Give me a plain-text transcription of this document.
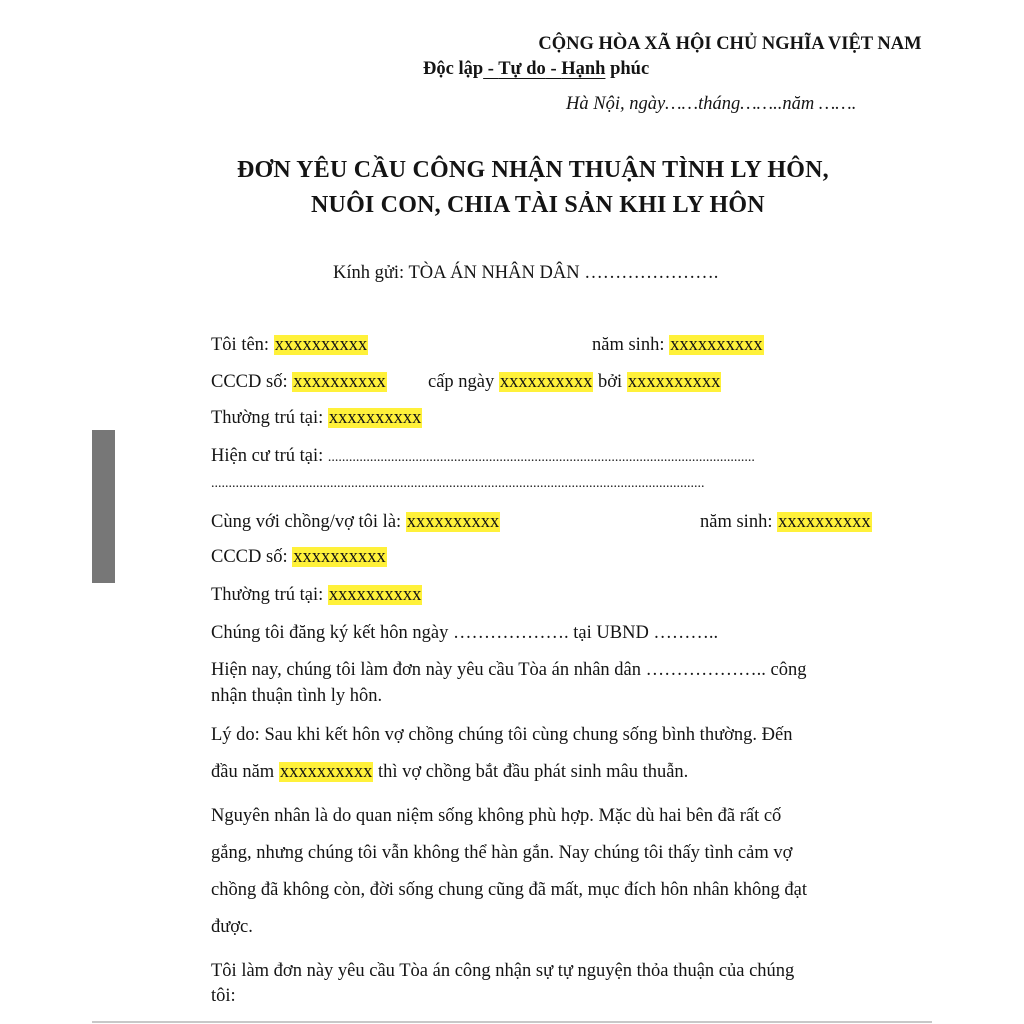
CỘNG HÒA XÃ HỘI CHỦ NGHĨA VIỆT NAM
Độc lập - Tự do - Hạnh phúc
Hà Nội, ngày……tháng……..năm …….
ĐƠN YÊU CẦU CÔNG NHẬN THUẬN TÌNH LY HÔN,
NUÔI CON, CHIA TÀI SẢN KHI LY HÔN
Kính gửi: TÒA ÁN NHÂN DÂN ………………….
Tôi tên: xxxxxxxxxx	năm sinh: xxxxxxxxxx
CCCD số: xxxxxxxxxx cấp ngày xxxxxxxxxx bởi xxxxxxxxxx
Thường trú tại: xxxxxxxxxx
Hiện cư trú tại: ..........................................................................................................................
.............................................................................................................................................
Cùng với chồng/vợ tôi là: xxxxxxxxxx	năm sinh: xxxxxxxxxx
CCCD số: xxxxxxxxxx
Thường trú tại: xxxxxxxxxx
Chúng tôi đăng ký kết hôn ngày ………………. tại UBND ………..
Hiện nay, chúng tôi làm đơn này yêu cầu Tòa án nhân dân ……………….. công
nhận thuận tình ly hôn.
Lý do: Sau khi kết hôn vợ chồng chúng tôi cùng chung sống bình thường. Đến
đầu năm xxxxxxxxxx thì vợ chồng bắt đầu phát sinh mâu thuẫn.
Nguyên nhân là do quan niệm sống không phù hợp. Mặc dù hai bên đã rất cố
gắng, nhưng chúng tôi vẫn không thể hàn gắn. Nay chúng tôi thấy tình cảm vợ
chồng đã không còn, đời sống chung cũng đã mất, mục đích hôn nhân không đạt
được.
Tôi làm đơn này yêu cầu Tòa án công nhận sự tự nguyện thỏa thuận của chúng
tôi:
